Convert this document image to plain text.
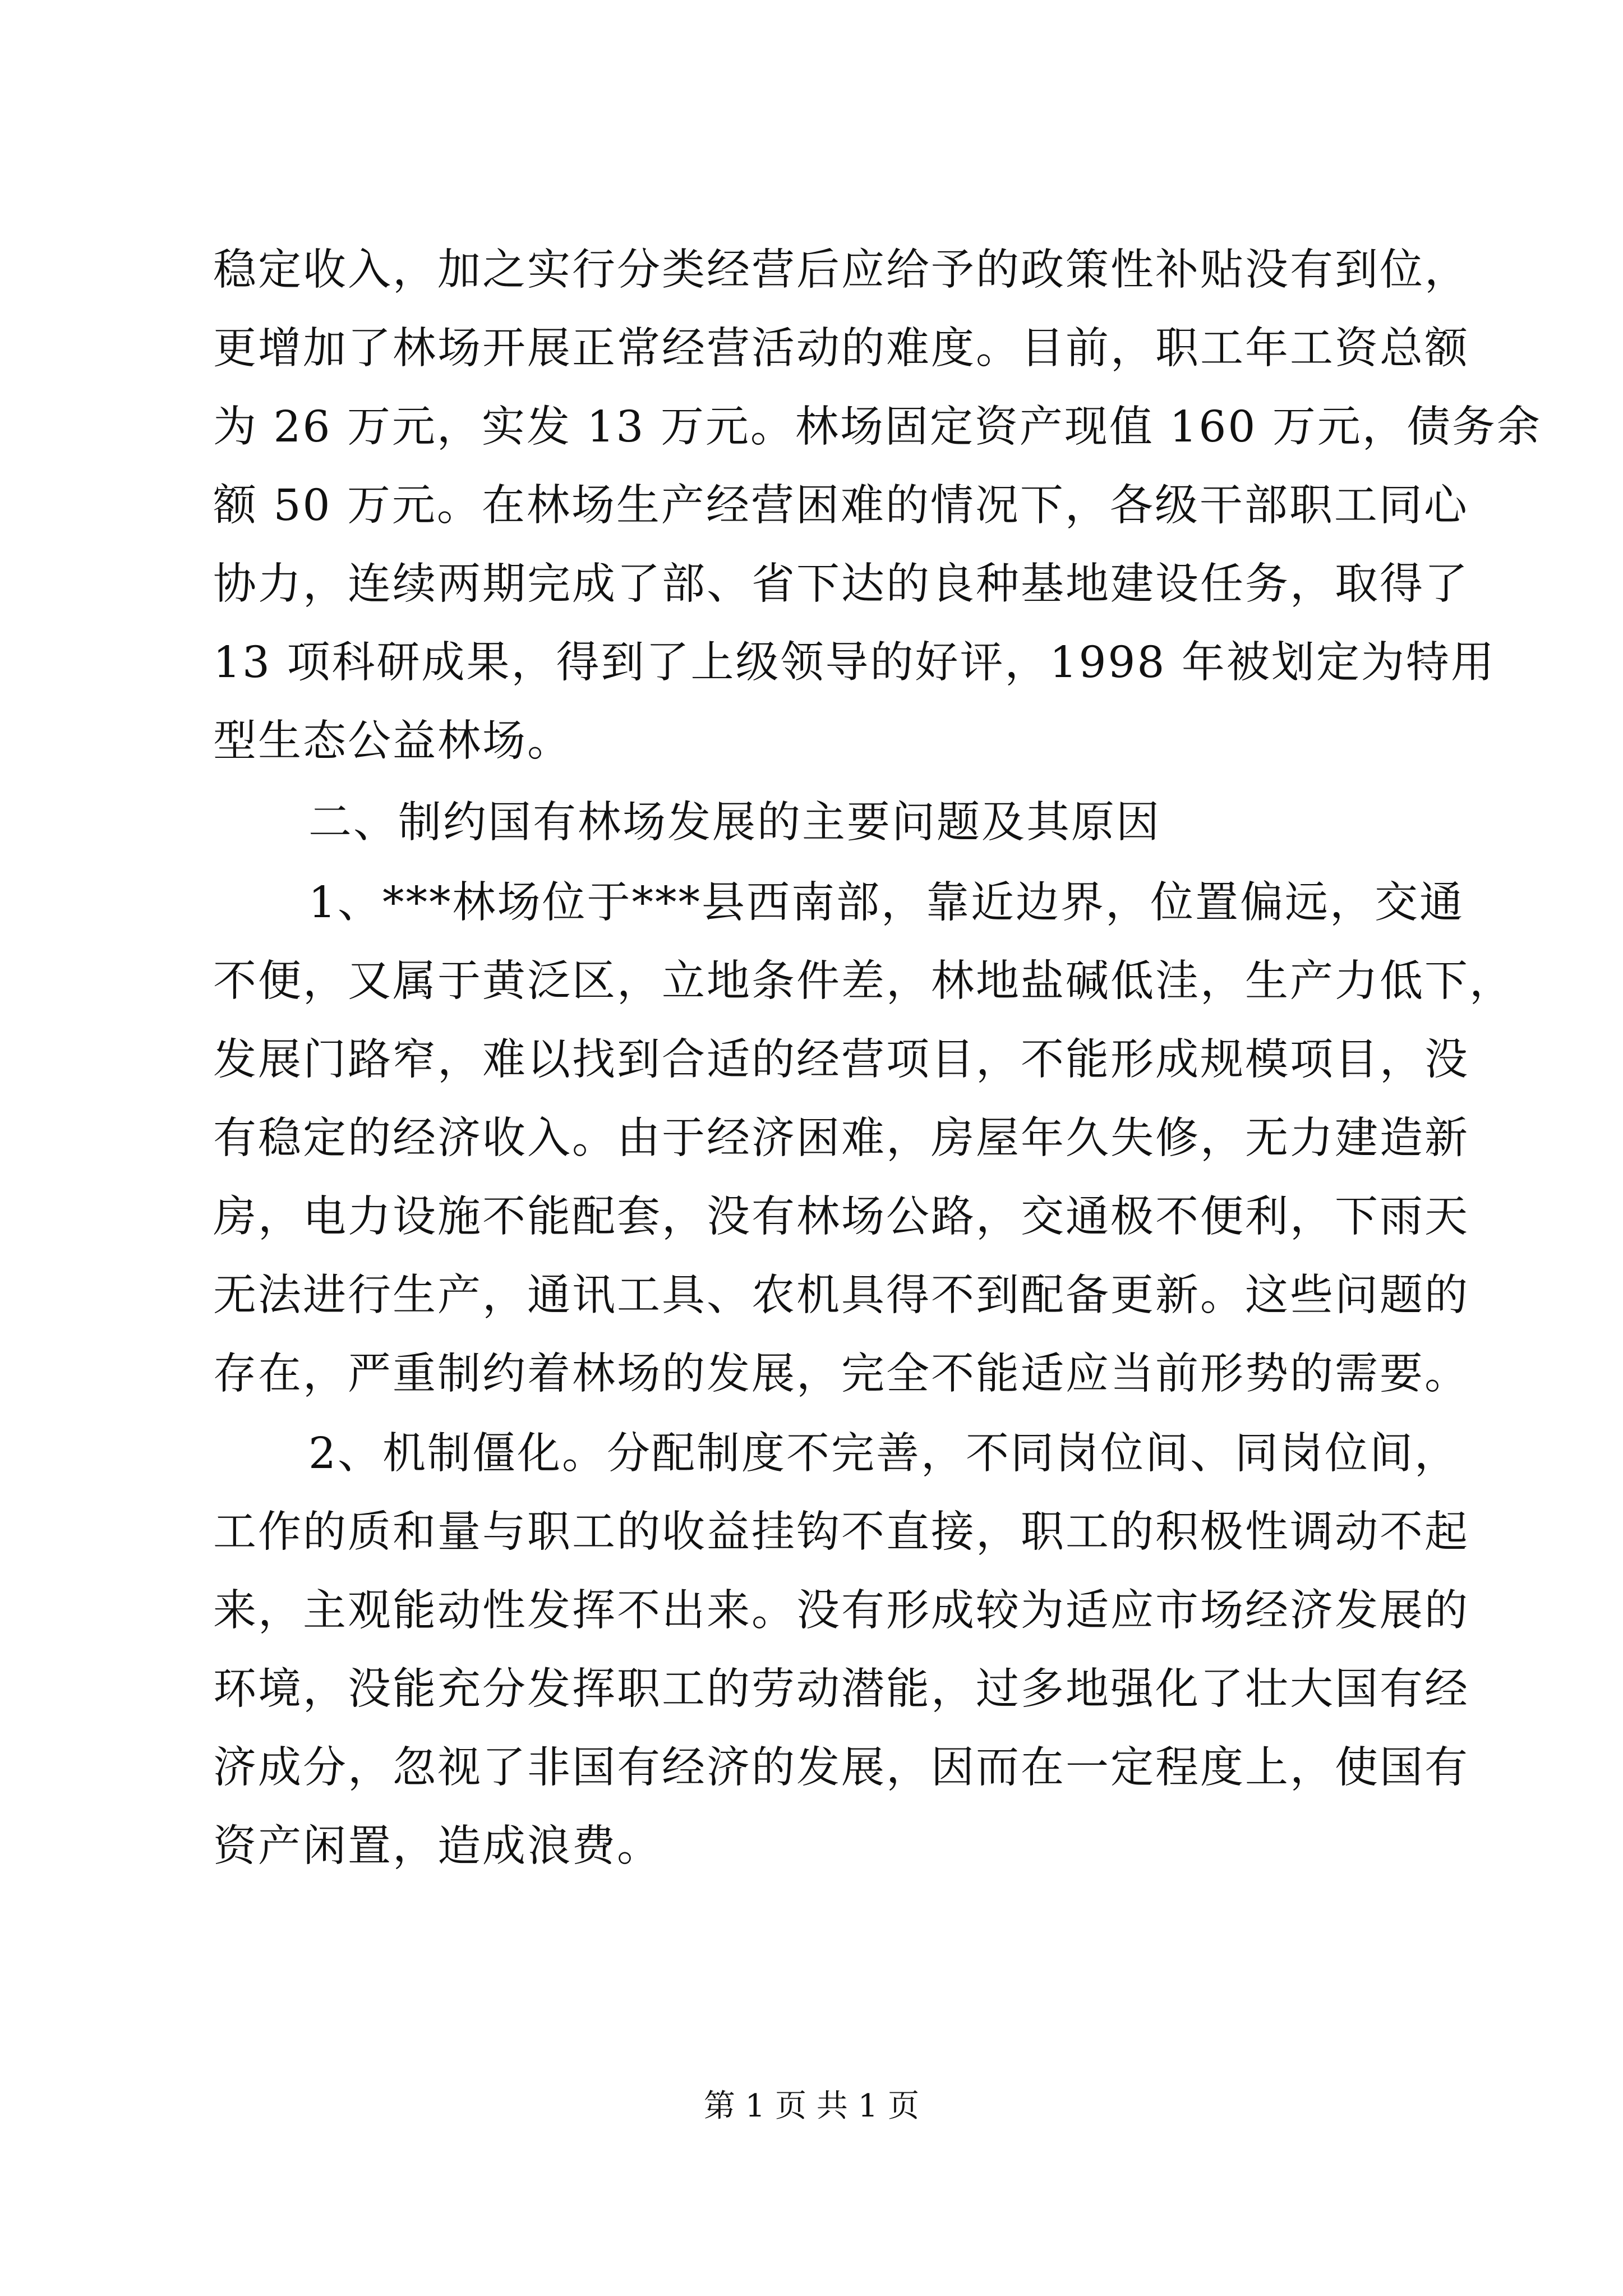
稳定收入，加之实行分类经营后应给予的政策性补贴没有到位，
更增加了林场开展正常经营活动的难度。目前，职工年工资总额
为 26 万元，实发 13 万元。林场固定资产现值 160 万元，债务余
额 50 万元。在林场生产经营困难的情况下，各级干部职工同心
协力，连续两期完成了部、省下达的良种基地建设任务，取得了
13 项科研成果，得到了上级领导的好评，1998 年被划定为特用
型生态公益林场。
二、制约国有林场发展的主要问题及其原因
1、***林场位于***县西南部，靠近边界，位置偏远，交通
不便，又属于黄泛区，立地条件差，林地盐碱低洼，生产力低下，
发展门路窄，难以找到合适的经营项目，不能形成规模项目，没
有稳定的经济收入。由于经济困难，房屋年久失修，无力建造新
房，电力设施不能配套，没有林场公路，交通极不便利，下雨天
无法进行生产，通讯工具、农机具得不到配备更新。这些问题的
存在，严重制约着林场的发展，完全不能适应当前形势的需要。
2、机制僵化。分配制度不完善，不同岗位间、同岗位间，
工作的质和量与职工的收益挂钩不直接，职工的积极性调动不起
来，主观能动性发挥不出来。没有形成较为适应市场经济发展的
环境，没能充分发挥职工的劳动潜能，过多地强化了壮大国有经
济成分，忽视了非国有经济的发展，因而在一定程度上，使国有
资产闲置，造成浪费。
第 1 页 共 1 页
